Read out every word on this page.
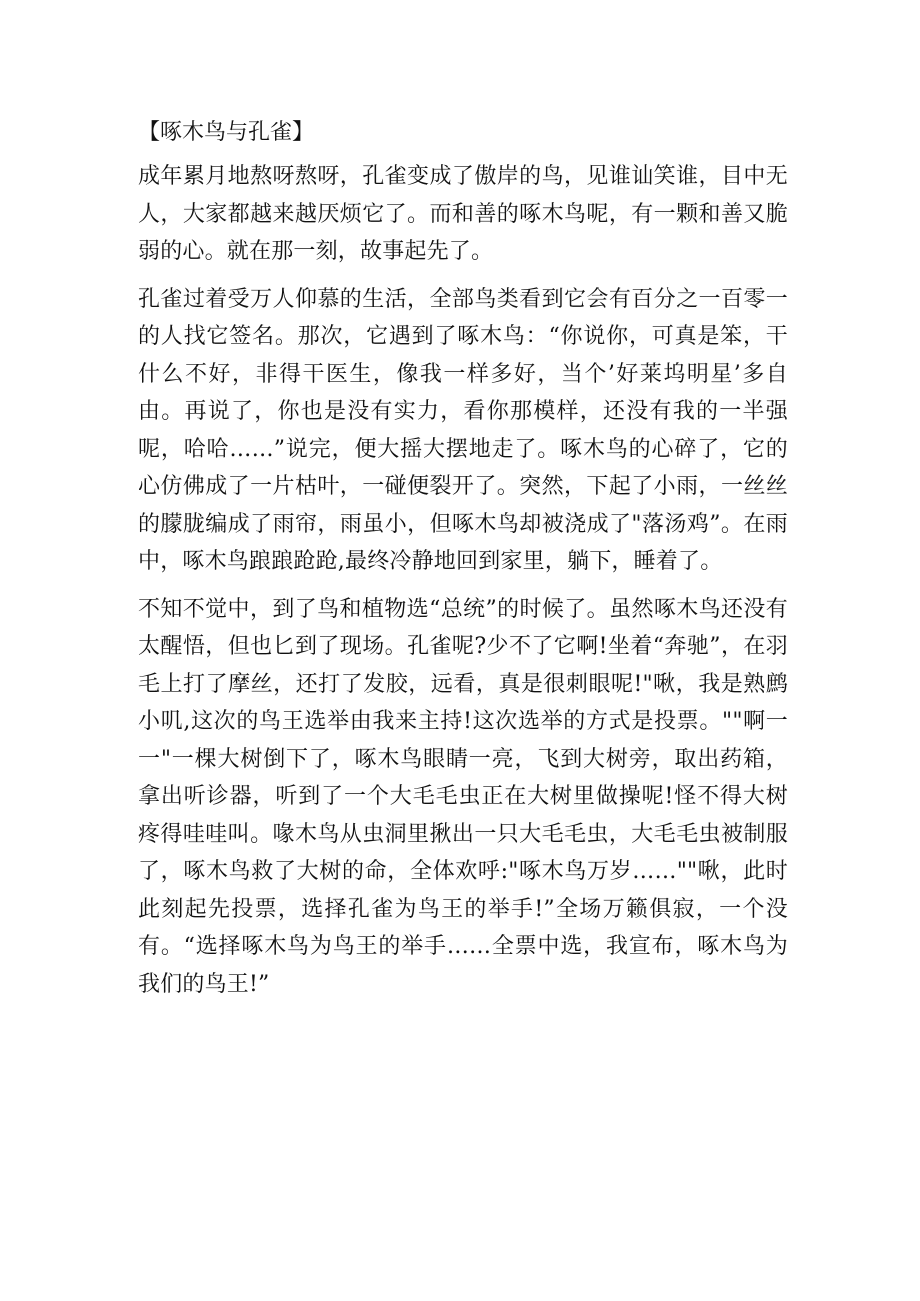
【啄木鸟与孔雀】

成年累月地熬呀熬呀，孔雀变成了傲岸的鸟，见谁讪笑谁，目中无人，大家都越来越厌烦它了。而和善的啄木鸟呢，有一颗和善又脆弱的心。就在那一刻，故事起先了。

孔雀过着受万人仰慕的生活，全部鸟类看到它会有百分之一百零一的人找它签名。那次，它遇到了啄木鸟：“你说你，可真是笨，干什么不好，非得干医生，像我一样多好，当个’好莱坞明星’多自由。再说了，你也是没有实力，看你那模样，还没有我的一半强呢，哈哈……”说完，便大摇大摆地走了。啄木鸟的心碎了，它的心仿佛成了一片枯叶，一碰便裂开了。突然，下起了小雨，一丝丝的朦胧编成了雨帘，雨虽小，但啄木鸟却被浇成了"落汤鸡”。在雨中，啄木鸟踉踉跄跄,最终冷静地回到家里，躺下，睡着了。

不知不觉中，到了鸟和植物选“总统”的时候了。虽然啄木鸟还没有太醒悟，但也匕到了现场。孔雀呢?少不了它啊!坐着“奔驰”，在羽毛上打了摩丝，还打了发胶，远看，真是很刺眼呢!"啾，我是熟鹧小叽,这次的鸟王选举由我来主持!这次选举的方式是投票。""啊一一"一棵大树倒下了，啄木鸟眼睛一亮，飞到大树旁，取出药箱，拿出听诊器，听到了一个大毛毛虫正在大树里做操呢!怪不得大树疼得哇哇叫。喙木鸟从虫洞里揪出一只大毛毛虫，大毛毛虫被制服了，啄木鸟救了大树的命，全体欢呼:"啄木鸟万岁……""啾，此时此刻起先投票，选择孔雀为鸟王的举手!”全场万籁俱寂，一个没有。“选择啄木鸟为鸟王的举手……全票中选，我宣布，啄木鸟为我们的鸟王!”
